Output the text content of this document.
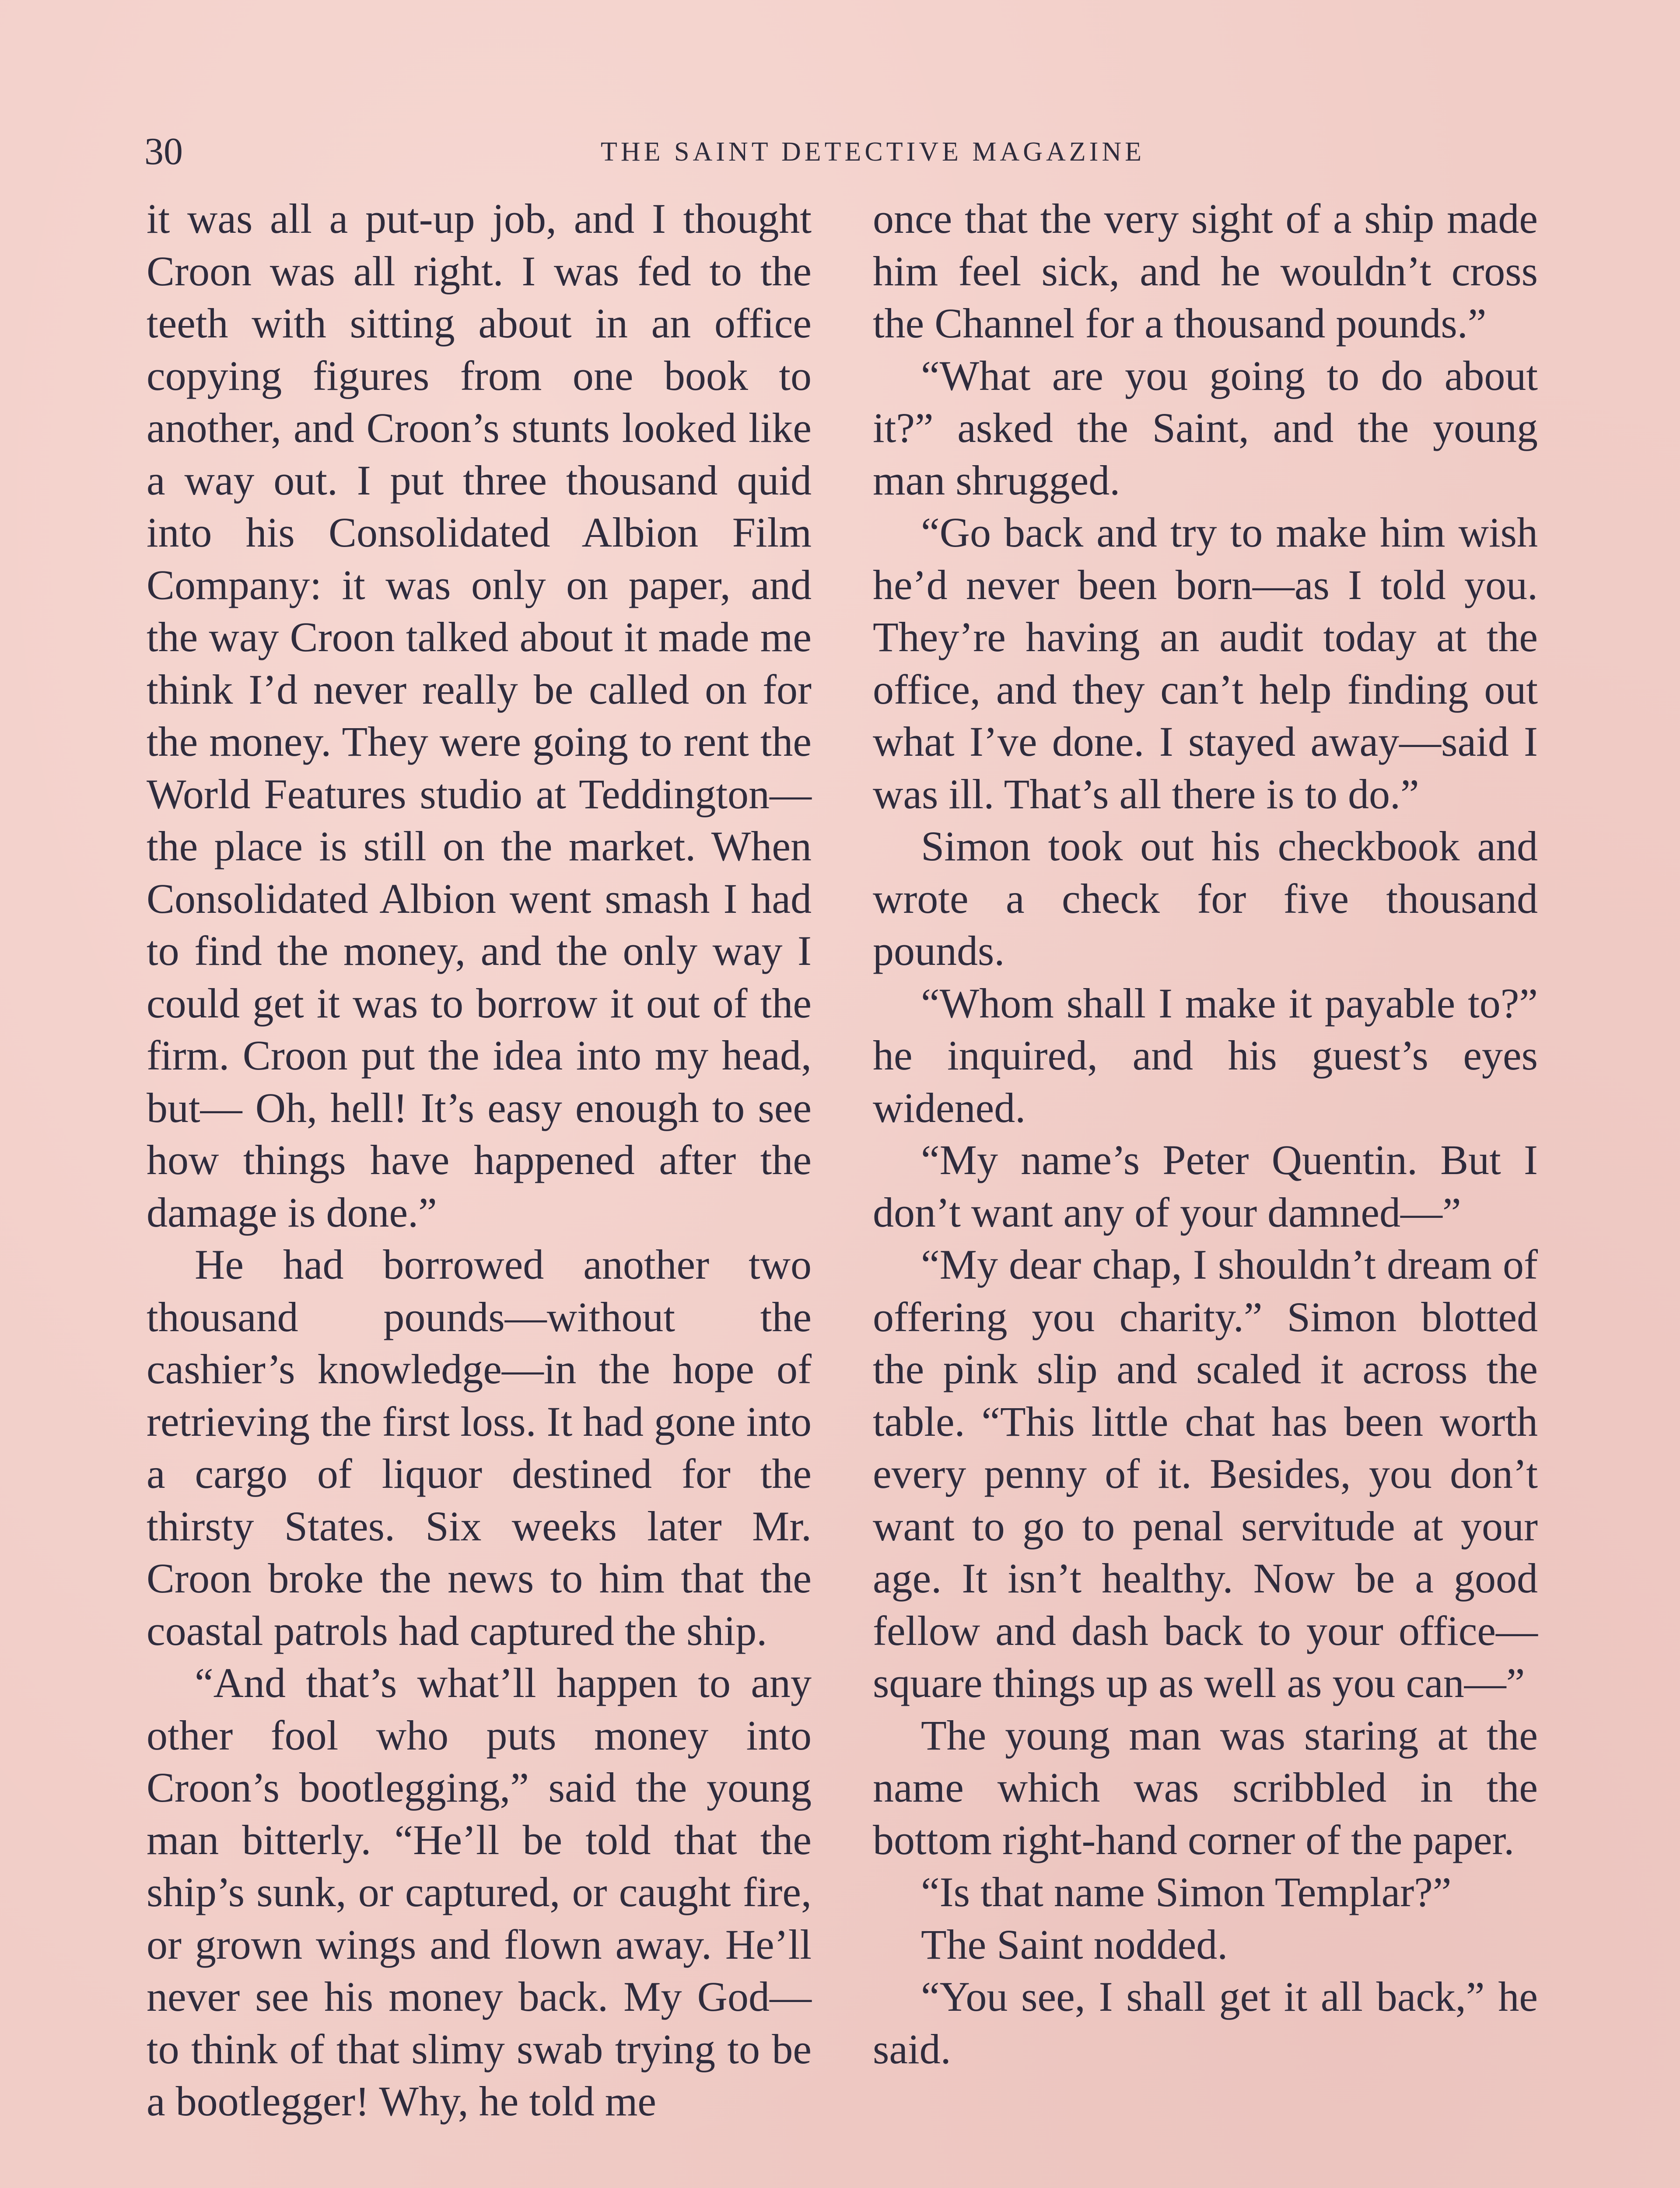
30	THE SAINT DETECTIVE MAGAZINE

it was all a put-up job, and I thought Croon was all right. I was fed to the teeth with sitting about in an office copying figures from one book to another, and Croon’s stunts looked like a way out. I put three thousand quid into his Consolidated Albion Film Company: it was only on paper, and the way Croon talked about it made me think I’d never really be called on for the money. They were going to rent the World Features studio at Teddington—the place is still on the market. When Consolidated Albion went smash I had to find the money, and the only way I could get it was to borrow it out of the firm. Croon put the idea into my head, but— Oh, hell! It’s easy enough to see how things have happened after the damage is done.”

He had borrowed another two thousand pounds—without the cashier’s knowledge—in the hope of retrieving the first loss. It had gone into a cargo of liquor destined for the thirsty States. Six weeks later Mr. Croon broke the news to him that the coastal patrols had captured the ship.

“And that’s what’ll happen to any other fool who puts money into Croon’s bootlegging,” said the young man bitterly. “He’ll be told that the ship’s sunk, or captured, or caught fire, or grown wings and flown away. He’ll never see his money back. My God—to think of that slimy swab trying to be a bootlegger! Why, he told me

once that the very sight of a ship made him feel sick, and he wouldn’t cross the Channel for a thousand pounds.”

“What are you going to do about it?” asked the Saint, and the young man shrugged.

“Go back and try to make him wish he’d never been born—as I told you. They’re having an audit today at the office, and they can’t help finding out what I’ve done. I stayed away—said I was ill. That’s all there is to do.”

Simon took out his checkbook and wrote a check for five thousand pounds.

“Whom shall I make it payable to?” he inquired, and his guest’s eyes widened.

“My name’s Peter Quentin. But I don’t want any of your damned—”

“My dear chap, I shouldn’t dream of offering you charity.” Simon blotted the pink slip and scaled it across the table. “This little chat has been worth every penny of it. Besides, you don’t want to go to penal servitude at your age. It isn’t healthy. Now be a good fellow and dash back to your office—square things up as well as you can—”

The young man was staring at the name which was scribbled in the bottom right-hand corner of the paper.

“Is that name Simon Templar?”

The Saint nodded.

“You see, I shall get it all back,” he said.
